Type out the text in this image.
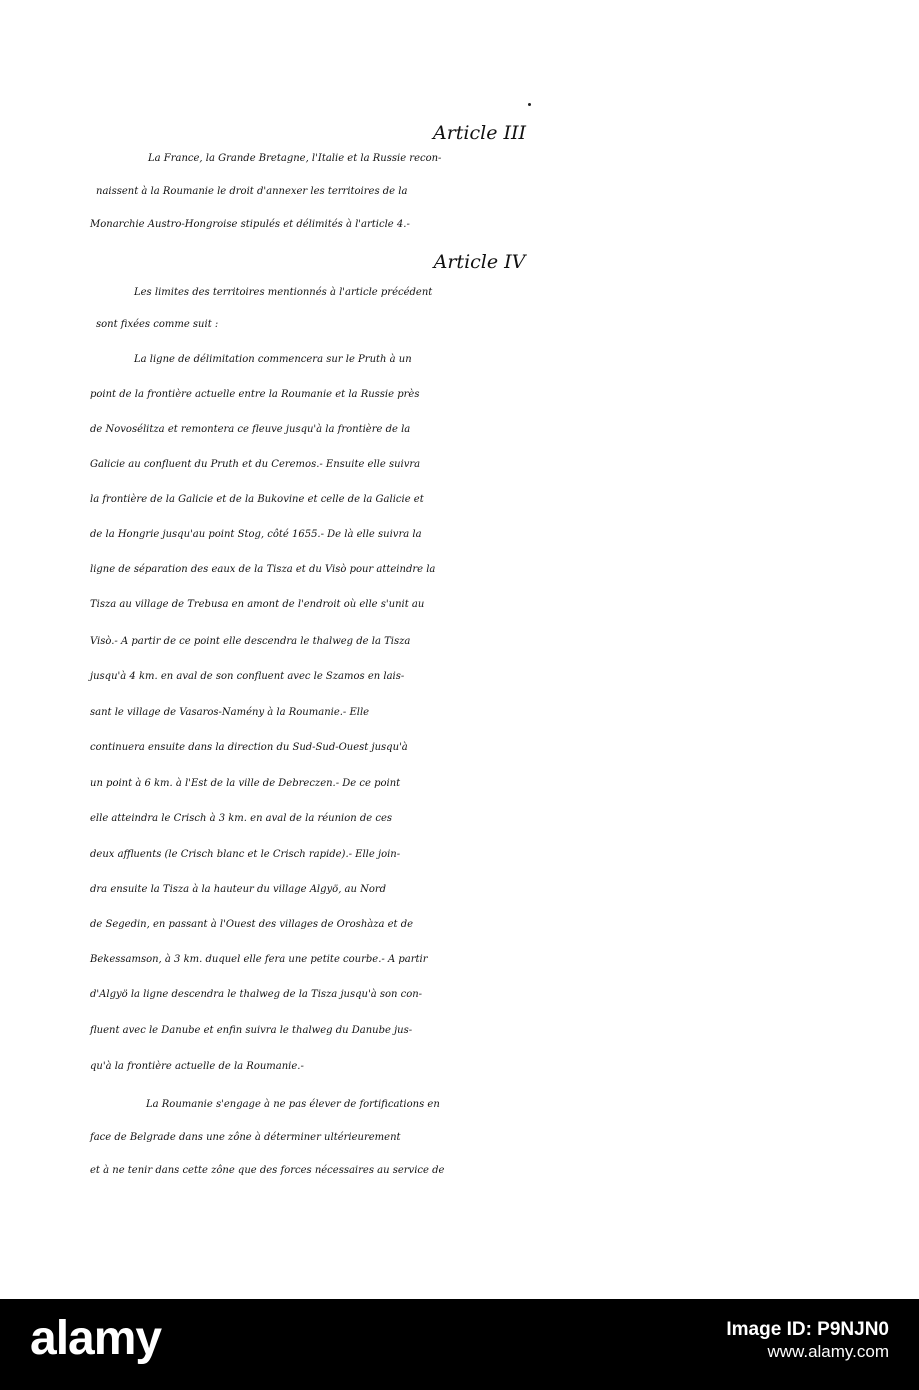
Article III
La France, la Grande Bretagne, l'Italie et la Russie recon-
naissent à la Roumanie le droit d'annexer les territoires de la
Monarchie Austro-Hongroise stipulés et délimités à l'article 4.-
Article IV
Les limites des territoires mentionnés à l'article précédent
sont fixées comme suit :
La ligne de délimitation commencera sur le Pruth à un
point de la frontière actuelle entre la Roumanie et la Russie près
de Novosélitza et remontera ce fleuve jusqu'à la frontière de la
Galicie au confluent du Pruth et du Ceremos.- Ensuite elle suivra
la frontière de la Galicie et de la Bukovine et celle de la Galicie et
de la Hongrie jusqu'au point Stog, côté 1655.- De là elle suivra la
ligne de séparation des eaux de la Tisza et du Visò pour atteindre la
Tisza au village de Trebusa en amont de l'endroit où elle s'unit au
Visò.- A partir de ce point elle descendra le thalweg de la Tisza
jusqu'à 4 km. en aval de son confluent avec le Szamos en lais-
sant le village de Vasaros-Namény à la Roumanie.- Elle
continuera ensuite dans la direction du Sud-Sud-Ouest jusqu'à
un point à 6 km. à l'Est de la ville de Debreczen.- De ce point
elle atteindra le Crisch à 3 km. en aval de la réunion de ces
deux affluents (le Crisch blanc et le Crisch rapide).- Elle join-
dra ensuite la Tisza à la hauteur du village Algyö, au Nord
de Segedin, en passant à l'Ouest des villages de Oroshàza et de
Bekessamson, à 3 km. duquel elle fera une petite courbe.- A partir
d'Algyö la ligne descendra le thalweg de la Tisza jusqu'à son con-
fluent avec le Danube et enfin suivra le thalweg du Danube jus-
qu'à la frontière actuelle de la Roumanie.-
La Roumanie s'engage à ne pas élever de fortifications en
face de Belgrade dans une zône à déterminer ultérieurement
et à ne tenir dans cette zône que des forces nécessaires au service de
alamy	Image ID: P9NJN0
www.alamy.com
